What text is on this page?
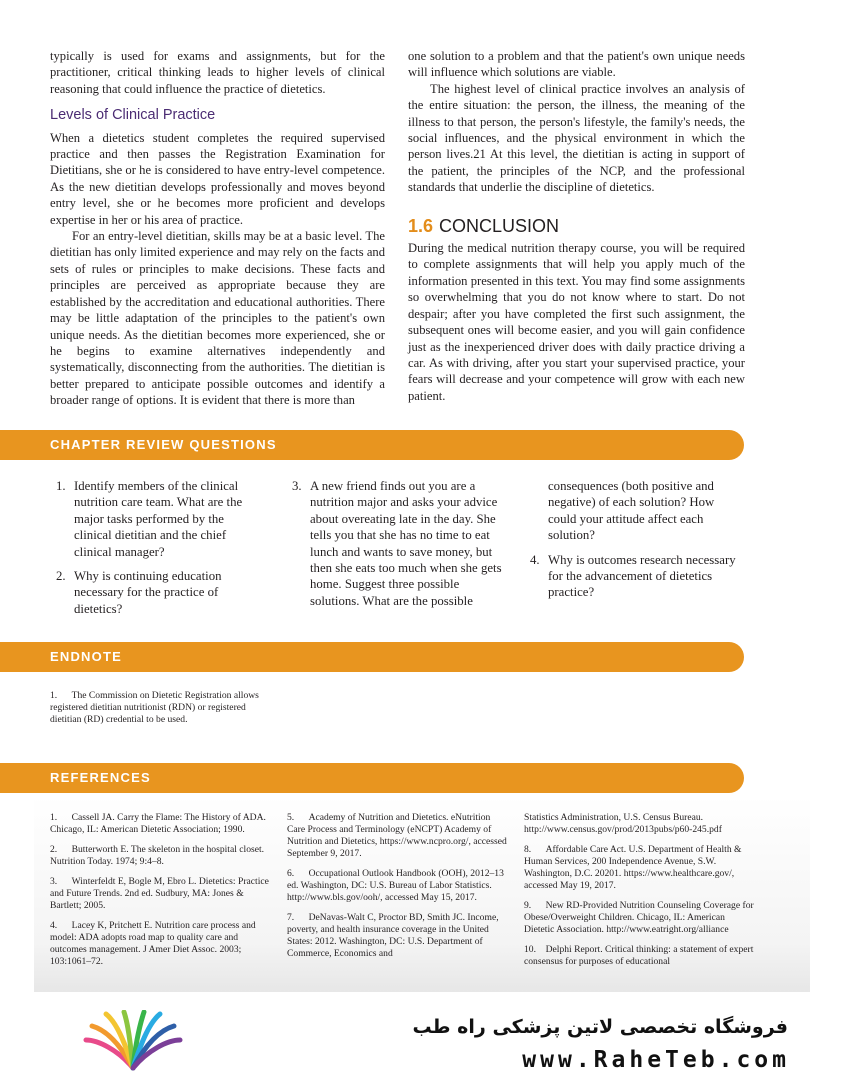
typically is used for exams and assignments, but for the practitioner, critical thinking leads to higher levels of clinical reasoning that could influence the practice of dietetics.

Levels of Clinical Practice

When a dietetics student completes the required supervised practice and then passes the Registration Examination for Dietitians, she or he is considered to have entry-level competence. As the new dietitian develops professionally and moves beyond entry level, she or he becomes more proficient and develops expertise in her or his area of practice.

For an entry-level dietitian, skills may be at a basic level. The dietitian has only limited experience and may rely on the facts and sets of rules or principles to make decisions. These facts and principles are perceived as appropriate because they are established by the accreditation and educational authorities. There may be little adaptation of the principles to the patient's own unique needs. As the dietitian becomes more experienced, she or he begins to examine alternatives independently and systematically, disconnecting from the authorities. The dietitian is better prepared to anticipate possible outcomes and identify a broader range of options. It is evident that there is more than

one solution to a problem and that the patient's own unique needs will influence which solutions are viable.

The highest level of clinical practice involves an analysis of the entire situation: the person, the illness, the meaning of the illness to that person, the person's lifestyle, the family's needs, the social influences, and the physical environment in which the person lives.21 At this level, the dietitian is acting in support of the patient, the principles of the NCP, and the professional standards that underlie the discipline of dietetics.

1.6 CONCLUSION

During the medical nutrition therapy course, you will be required to complete assignments that will help you apply much of the information presented in this text. You may find some assignments so overwhelming that you do not know where to start. Do not despair; after you have completed the first such assignment, the subsequent ones will become easier, and you will gain confidence just as the inexperienced driver does with daily practice driving a car. As with driving, after you start your supervised practice, your fears will decrease and your competence will grow with each new patient.

CHAPTER REVIEW QUESTIONS
1. Identify members of the clinical nutrition care team. What are the major tasks performed by the clinical dietitian and the chief clinical manager?
2. Why is continuing education necessary for the practice of dietetics?
3. A new friend finds out you are a nutrition major and asks your advice about overeating late in the day. She tells you that she has no time to eat lunch and wants to save money, but then she eats too much when she gets home. Suggest three possible solutions. What are the possible
consequences (both positive and negative) of each solution? How could your attitude affect each solution?
4. Why is outcomes research necessary for the advancement of dietetics practice?
ENDNOTE
1. The Commission on Dietetic Registration allows registered dietitian nutritionist (RDN) or registered dietitian (RD) credential to be used.
REFERENCES
1.      Cassell JA. Carry the Flame: The History of ADA. Chicago, IL: American Dietetic Association; 1990.
2.      Butterworth E. The skeleton in the hospital closet. Nutrition Today. 1974; 9:4–8.
3.      Winterfeldt E, Bogle M, Ebro L. Dietetics: Practice and Future Trends. 2nd ed. Sudbury, MA: Jones & Bartlett; 2005.
4.      Lacey K, Pritchett E. Nutrition care process and model: ADA adopts road map to quality care and outcomes management. J Amer Diet Assoc. 2003; 103:1061–72.
5.      Academy of Nutrition and Dietetics. eNutrition Care Process and Terminology (eNCPT) Academy of Nutrition and Dietetics, https://www.ncpro.org/, accessed September 9, 2017.
6.      Occupational Outlook Handbook (OOH), 2012–13 ed. Washington, DC: U.S. Bureau of Labor Statistics. http://www.bls.gov/ooh/, accessed May 15, 2017.
7.      DeNavas-Walt C, Proctor BD, Smith JC. Income, poverty, and health insurance coverage in the United States: 2012. Washington, DC: U.S. Department of Commerce, Economics and
Statistics Administration, U.S. Census Bureau. http://www.census.gov/prod/2013pubs/p60-245.pdf
8.      Affordable Care Act. U.S. Department of Health & Human Services, 200 Independence Avenue, S.W. Washington, D.C. 20201. https://www.healthcare.gov/, accessed May 19, 2017.
9.      New RD-Provided Nutrition Counseling Coverage for Obese/Overweight Children. Chicago, IL: American Dietetic Association. http://www.eatright.org/alliance
10.    Delphi Report. Critical thinking: a statement of expert consensus for purposes of educational
فروشگاه تخصصی لاتین پزشکی راه طب
www.RaheTeb.com
